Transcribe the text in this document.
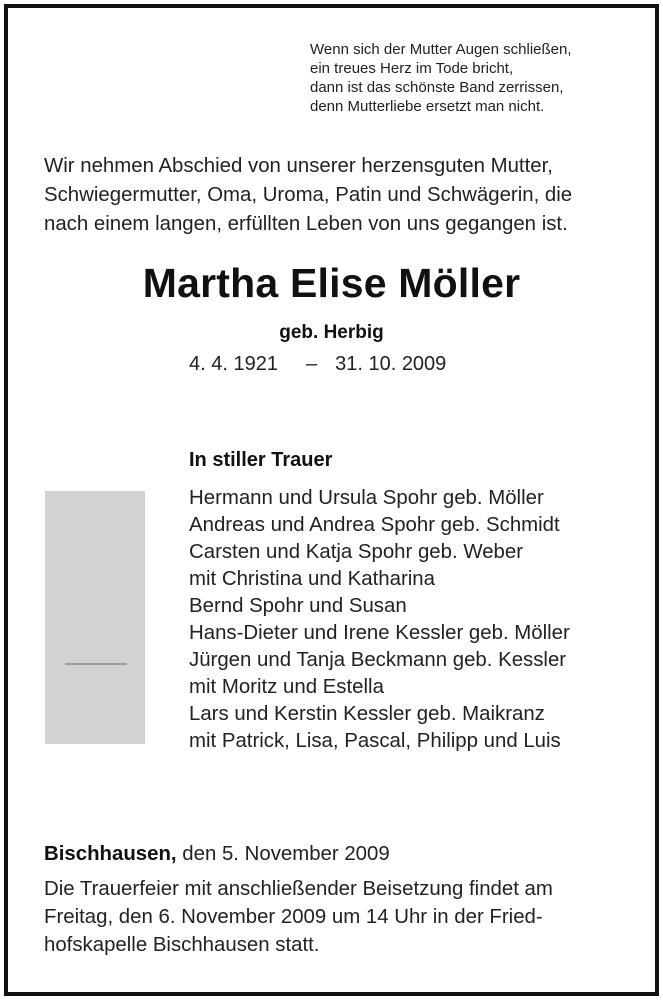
Wenn sich der Mutter Augen schließen,
ein treues Herz im Tode bricht,
dann ist das schönste Band zerrissen,
denn Mutterliebe ersetzt man nicht.
Wir nehmen Abschied von unserer herzensguten Mutter,
Schwiegermutter, Oma, Uroma, Patin und Schwägerin, die
nach einem langen, erfüllten Leben von uns gegangen ist.
Martha Elise Möller
geb. Herbig
4. 4. 1921 – 31. 10. 2009
In stiller Trauer
Hermann und Ursula Spohr geb. Möller
Andreas und Andrea Spohr geb. Schmidt
Carsten und Katja Spohr geb. Weber
mit Christina und Katharina
Bernd Spohr und Susan
Hans-Dieter und Irene Kessler geb. Möller
Jürgen und Tanja Beckmann geb. Kessler
mit Moritz und Estella
Lars und Kerstin Kessler geb. Maikranz
mit Patrick, Lisa, Pascal, Philipp und Luis
Bischhausen, den 5. November 2009
Die Trauerfeier mit anschließender Beisetzung findet am
Freitag, den 6. November 2009 um 14 Uhr in der Fried-
hofskapelle Bischhausen statt.
